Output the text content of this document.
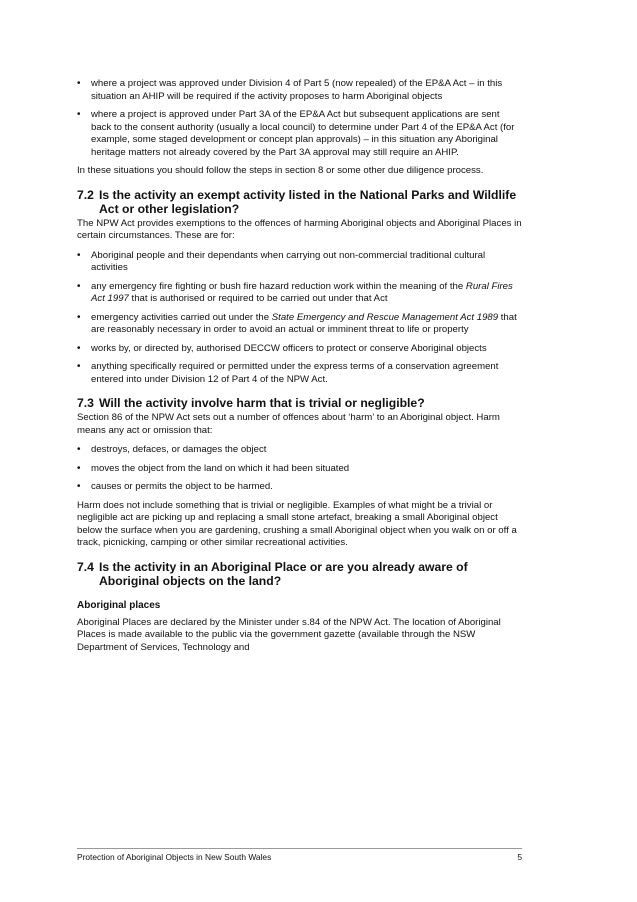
• where a project was approved under Division 4 of Part 5 (now repealed) of the EP&A Act – in this situation an AHIP will be required if the activity proposes to harm Aboriginal objects
• where a project is approved under Part 3A of the EP&A Act but subsequent applications are sent back to the consent authority (usually a local council) to determine under Part 4 of the EP&A Act (for example, some staged development or concept plan approvals) – in this situation any Aboriginal heritage matters not already covered by the Part 3A approval may still require an AHIP.

In these situations you should follow the steps in section 8 or some other due diligence process.

7.2 Is the activity an exempt activity listed in the National Parks and Wildlife Act or other legislation?

The NPW Act provides exemptions to the offences of harming Aboriginal objects and Aboriginal Places in certain circumstances. These are for:

• Aboriginal people and their dependants when carrying out non-commercial traditional cultural activities
• any emergency fire fighting or bush fire hazard reduction work within the meaning of the Rural Fires Act 1997 that is authorised or required to be carried out under that Act
• emergency activities carried out under the State Emergency and Rescue Management Act 1989 that are reasonably necessary in order to avoid an actual or imminent threat to life or property
• works by, or directed by, authorised DECCW officers to protect or conserve Aboriginal objects
• anything specifically required or permitted under the express terms of a conservation agreement entered into under Division 12 of Part 4 of the NPW Act.
7.3 Will the activity involve harm that is trivial or negligible?

Section 86 of the NPW Act sets out a number of offences about ‘harm’ to an Aboriginal object. Harm means any act or omission that:

• destroys, defaces, or damages the object
• moves the object from the land on which it had been situated
• causes or permits the object to be harmed.

Harm does not include something that is trivial or negligible. Examples of what might be a trivial or negligible act are picking up and replacing a small stone artefact, breaking a small Aboriginal object below the surface when you are gardening, crushing a small Aboriginal object when you walk on or off a track, picnicking, camping or other similar recreational activities.

7.4 Is the activity in an Aboriginal Place or are you already aware of Aboriginal objects on the land?
Aboriginal places

Aboriginal Places are declared by the Minister under s.84 of the NPW Act. The location of Aboriginal Places is made available to the public via the government gazette (available through the NSW Department of Services, Technology and

Protection of Aboriginal Objects in New South Wales	5
